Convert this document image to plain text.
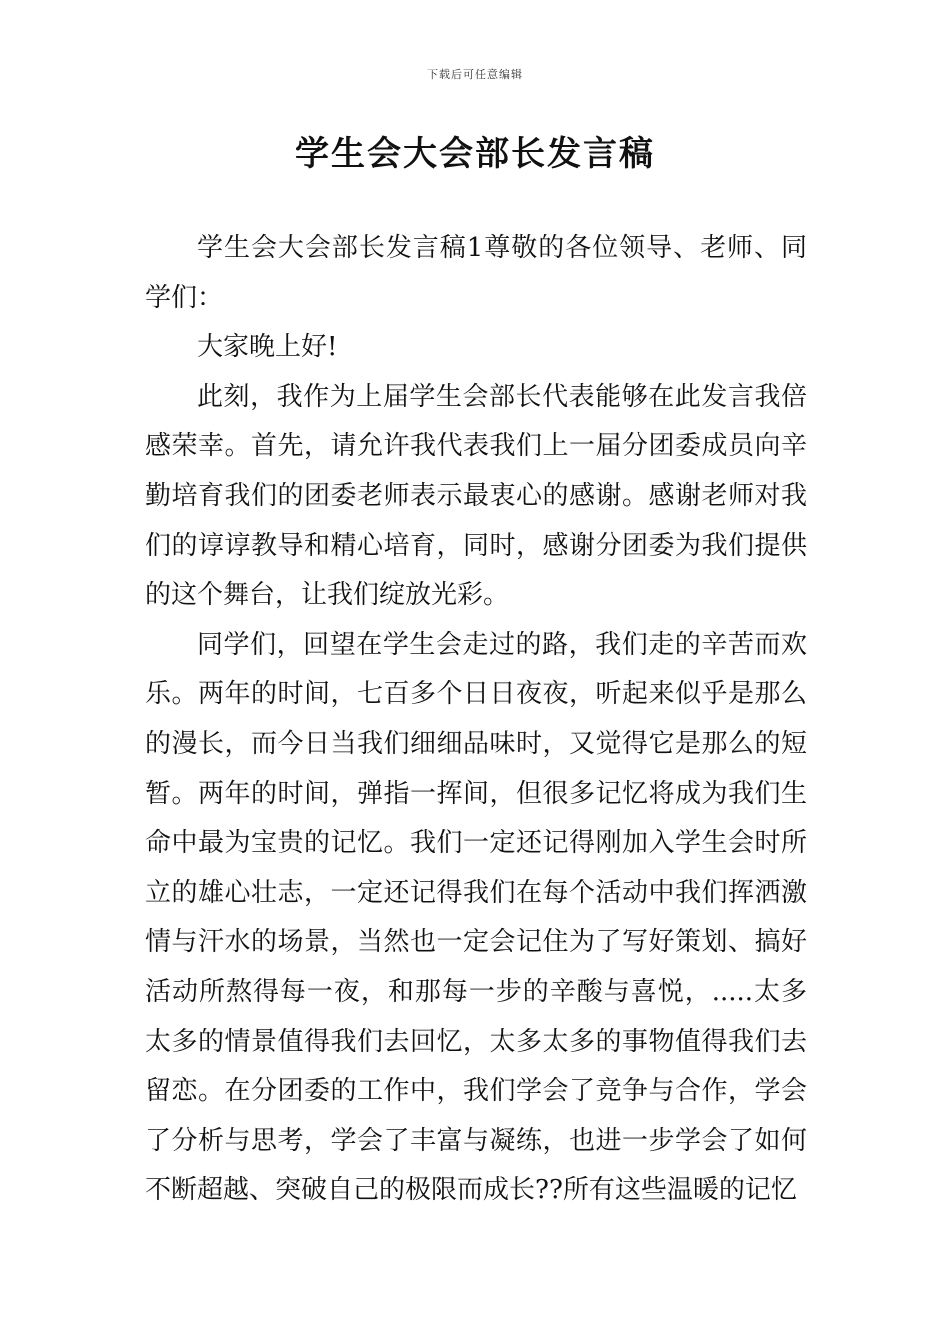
下载后可任意编辑
学生会大会部长发言稿

学生会大会部长发言稿1尊敬的各位领导、老师、同学们：

大家晚上好!

此刻，我作为上届学生会部长代表能够在此发言我倍感荣幸。首先，请允许我代表我们上一届分团委成员向辛勤培育我们的团委老师表示最衷心的感谢。感谢老师对我们的谆谆教导和精心培育，同时，感谢分团委为我们提供的这个舞台，让我们绽放光彩。

同学们，回望在学生会走过的路，我们走的辛苦而欢乐。两年的时间，七百多个日日夜夜，听起来似乎是那么的漫长，而今日当我们细细品味时，又觉得它是那么的短暂。两年的时间，弹指一挥间，但很多记忆将成为我们生命中最为宝贵的记忆。我们一定还记得刚加入学生会时所立的雄心壮志，一定还记得我们在每个活动中我们挥洒激情与汗水的场景，当然也一定会记住为了写好策划、搞好活动所熬得每一夜，和那每一步的辛酸与喜悦，.....太多太多的情景值得我们去回忆，太多太多的事物值得我们去留恋。在分团委的工作中，我们学会了竞争与合作，学会了分析与思考，学会了丰富与凝练，也进一步学会了如何不断超越、突破自己的极限而成长??所有这些温暖的记忆
